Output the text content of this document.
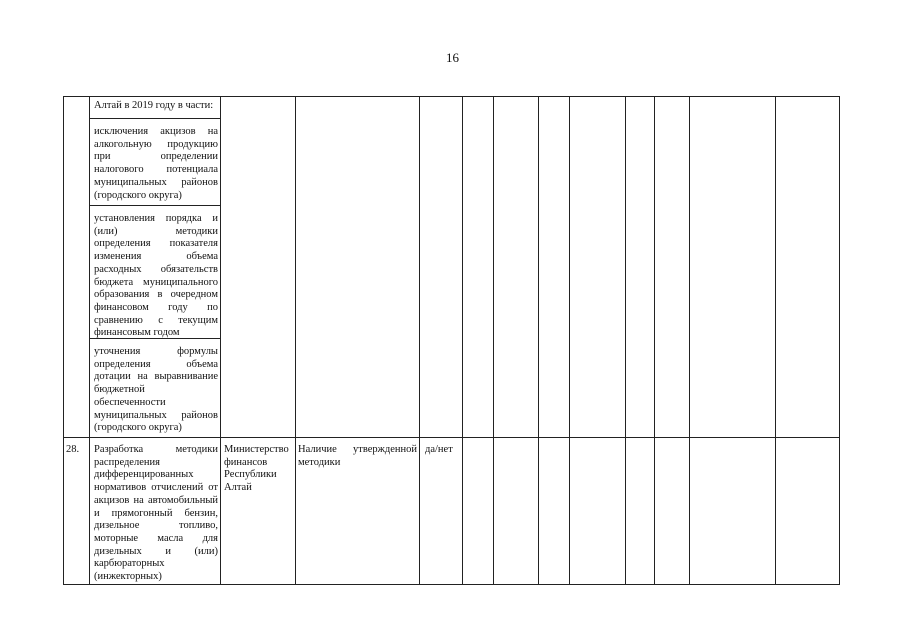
16
Алтай в 2019 году в части:
исключения акцизов на алкогольную продукцию при определении налогового потенциала муниципальных районов (городского округа)
установления порядка и (или) методики определения показателя изменения объема расходных обязательств бюджета муниципального образования в очередном финансовом году по сравнению с текущим финансовым годом
уточнения формулы определения объема дотации на выравнивание бюджетной обеспеченности муниципальных районов (городского округа)
28.	Разработка методики распределения дифференцированных нормативов отчислений от акцизов на автомобильный и прямогонный бензин, дизельное топливо, моторные масла для дизельных и (или) карбюраторных (инжекторных)
Министерство финансов Республики Алтай
Наличие утвержденной методики
да/нет
